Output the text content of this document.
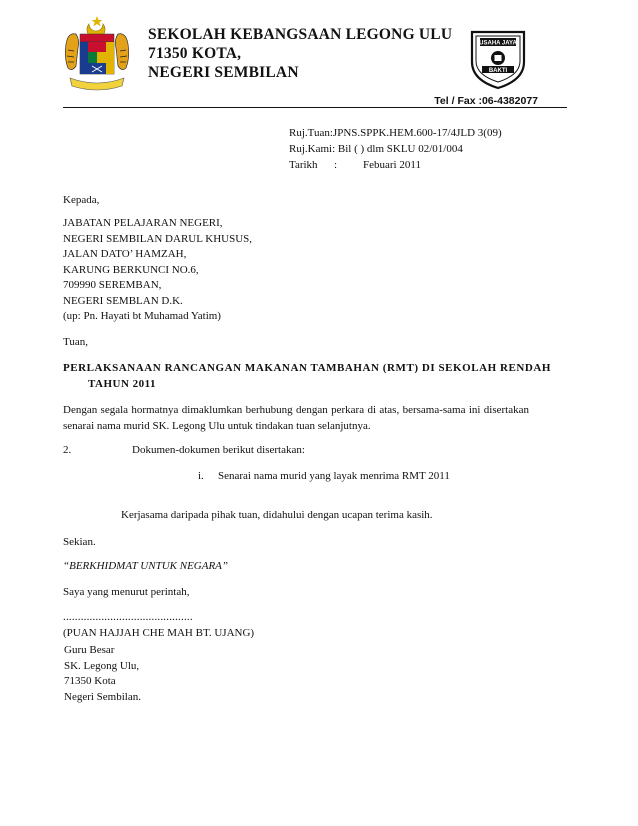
SEKOLAH KEBANGSAAN LEGONG ULU
71350 KOTA,
NEGERI SEMBILAN
USAHA JAYA
BAKTI
Tel / Fax :06-4382077
Ruj.Tuan:JPNS.SPPK.HEM.600-17/4JLD 3(09)
Ruj.Kami: Bil ( ) dlm SKLU 02/01/004
Tarikh : Febuari 2011
Kepada,
JABATAN PELAJARAN NEGERI,
NEGERI SEMBILAN DARUL KHUSUS,
JALAN DATO’ HAMZAH,
KARUNG BERKUNCI NO.6,
709990 SEREMBAN,
NEGERI SEMBLAN D.K.
(up: Pn. Hayati bt Muhamad Yatim)
Tuan,
PERLAKSANAAN RANCANGAN MAKANAN TAMBAHAN (RMT) DI SEKOLAH RENDAH
TAHUN 2011
Dengan segala hormatnya dimaklumkan berhubung dengan perkara di atas, bersama-sama ini disertakan
senarai nama murid SK. Legong Ulu untuk tindakan tuan selanjutnya.
2.	Dokumen-dokumen berikut disertakan:
i. Senarai nama murid yang layak menrima RMT 2011
Kerjasama daripada pihak tuan, didahului dengan ucapan terima kasih.
Sekian.
“BERKHIDMAT UNTUK NEGARA”
Saya yang menurut perintah,
............................................
(PUAN HAJJAH CHE MAH BT. UJANG)
Guru Besar
SK. Legong Ulu,
71350 Kota
Negeri Sembilan.
